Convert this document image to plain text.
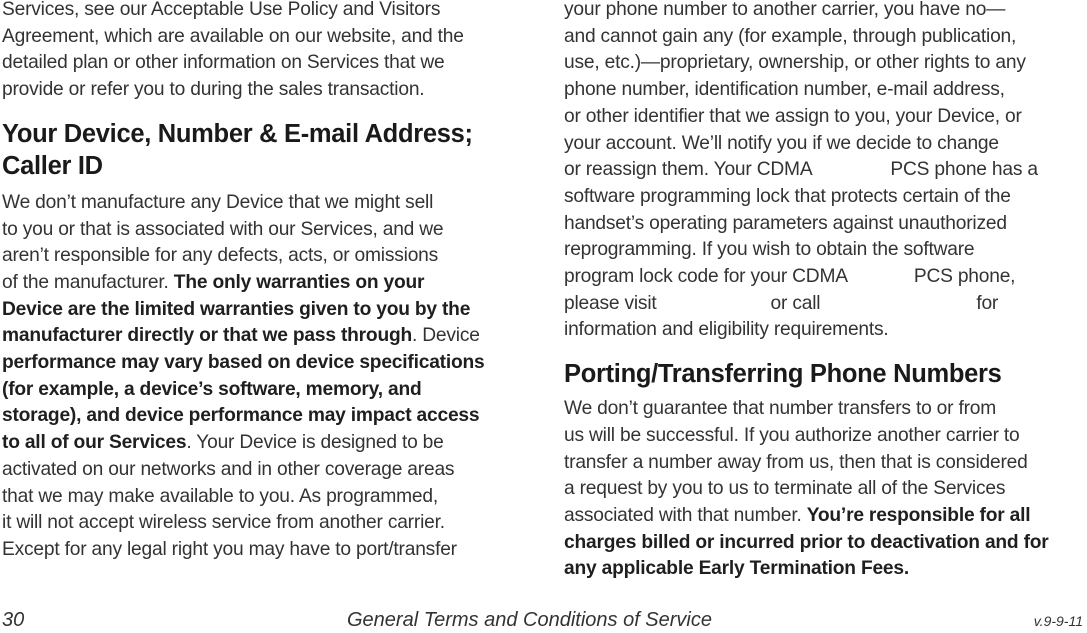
Services, see our Acceptable Use Policy and Visitors
Agreement, which are available on our website, and the
detailed plan or other information on Services that we
provide or refer you to during the sales transaction.

Your Device, Number & E-mail Address;
Caller ID

We don’t manufacture any Device that we might sell
to you or that is associated with our Services, and we
aren’t responsible for any defects, acts, or omissions
of the manufacturer. The only warranties on your
Device are the limited warranties given to you by the
manufacturer directly or that we pass through. Device
performance may vary based on device specifications
(for example, a device’s software, memory, and
storage), and device performance may impact access
to all of our Services. Your Device is designed to be
activated on our networks and in other coverage areas
that we may make available to you. As programmed,
it will not accept wireless service from another carrier.
Except for any legal right you may have to port/transfer

your phone number to another carrier, you have no—
and cannot gain any (for example, through publication,
use, etc.)—proprietary, ownership, or other rights to any
phone number, identification number, e-mail address,
or other identifier that we assign to you, your Device, or
your account. We’ll notify you if we decide to change
or reassign them. Your CDMA	PCS phone has a
software programming lock that protects certain of the
handset’s operating parameters against unauthorized
reprogramming. If you wish to obtain the software
program lock code for your CDMA	PCS phone,
please visit	or call	for
information and eligibility requirements.

Porting/Transferring Phone Numbers

We don’t guarantee that number transfers to or from
us will be successful. If you authorize another carrier to
transfer a number away from us, then that is considered
a request by you to us to terminate all of the Services
associated with that number. You’re responsible for all
charges billed or incurred prior to deactivation and for
any applicable Early Termination Fees.

30	General Terms and Conditions of Service	v.9-9-11
